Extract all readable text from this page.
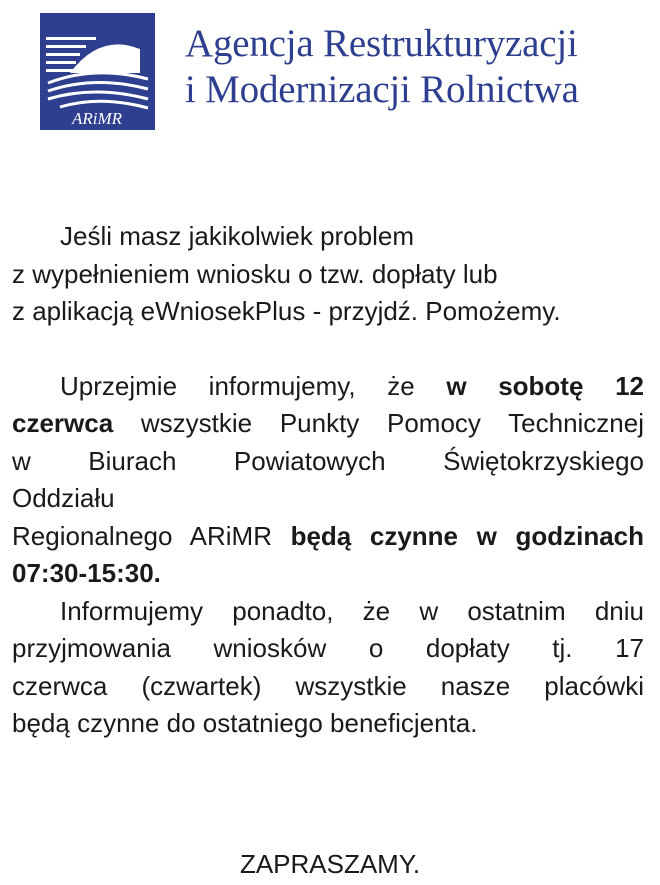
ARiMR
Agencja Restrukturyzacji
i Modernizacji Rolnictwa
Jeśli masz jakikolwiek problem
z wypełnieniem wniosku o tzw. dopłaty lub
z aplikacją eWniosekPlus - przyjdź. Pomożemy.
Uprzejmie informujemy, że w sobotę 12
czerwca wszystkie Punkty Pomocy Technicznej
w Biurach Powiatowych Świętokrzyskiego
Oddziału
Regionalnego ARiMR będą czynne w godzinach
07:30-15:30.
Informujemy ponadto, że w ostatnim dniu
przyjmowania wniosków o dopłaty tj. 17
czerwca (czwartek) wszystkie nasze placówki
będą czynne do ostatniego beneficjenta.
ZAPRASZAMY.
